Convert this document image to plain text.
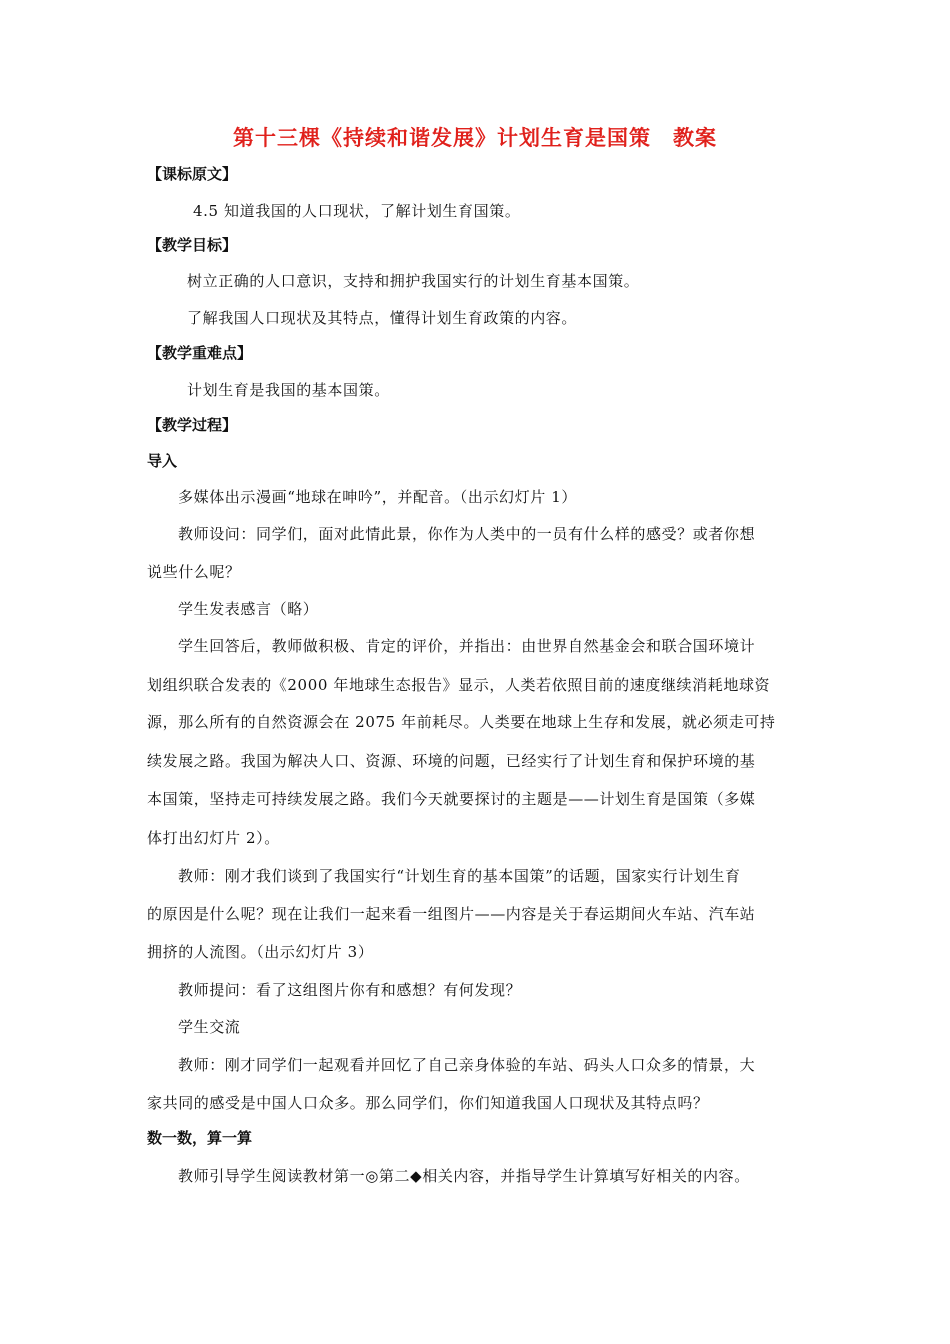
第十三棵《持续和谐发展》计划生育是国策　教案
【课标原文】
4.5 知道我国的人口现状，了解计划生育国策。
【教学目标】
树立正确的人口意识，支持和拥护我国实行的计划生育基本国策。
了解我国人口现状及其特点，懂得计划生育政策的内容。
【教学重难点】
计划生育是我国的基本国策。
【教学过程】
导入
多媒体出示漫画“地球在呻吟”，并配音。（出示幻灯片 1）
教师设问：同学们，面对此情此景，你作为人类中的一员有什么样的感受？或者你想
说些什么呢？
学生发表感言（略）
学生回答后，教师做积极、肯定的评价，并指出：由世界自然基金会和联合国环境计
划组织联合发表的《2000 年地球生态报告》显示，人类若依照目前的速度继续消耗地球资
源，那么所有的自然资源会在 2075 年前耗尽。人类要在地球上生存和发展，就必须走可持
续发展之路。我国为解决人口、资源、环境的问题，已经实行了计划生育和保护环境的基
本国策，坚持走可持续发展之路。我们今天就要探讨的主题是——计划生育是国策（多媒
体打出幻灯片 2）。
教师：刚才我们谈到了我国实行“计划生育的基本国策”的话题，国家实行计划生育
的原因是什么呢？现在让我们一起来看一组图片——内容是关于春运期间火车站、汽车站
拥挤的人流图。（出示幻灯片 3）
教师提问：看了这组图片你有和感想？有何发现？
学生交流
教师：刚才同学们一起观看并回忆了自己亲身体验的车站、码头人口众多的情景，大
家共同的感受是中国人口众多。那么同学们，你们知道我国人口现状及其特点吗？
数一数，算一算
教师引导学生阅读教材第一◎第二◆相关内容，并指导学生计算填写好相关的内容。
